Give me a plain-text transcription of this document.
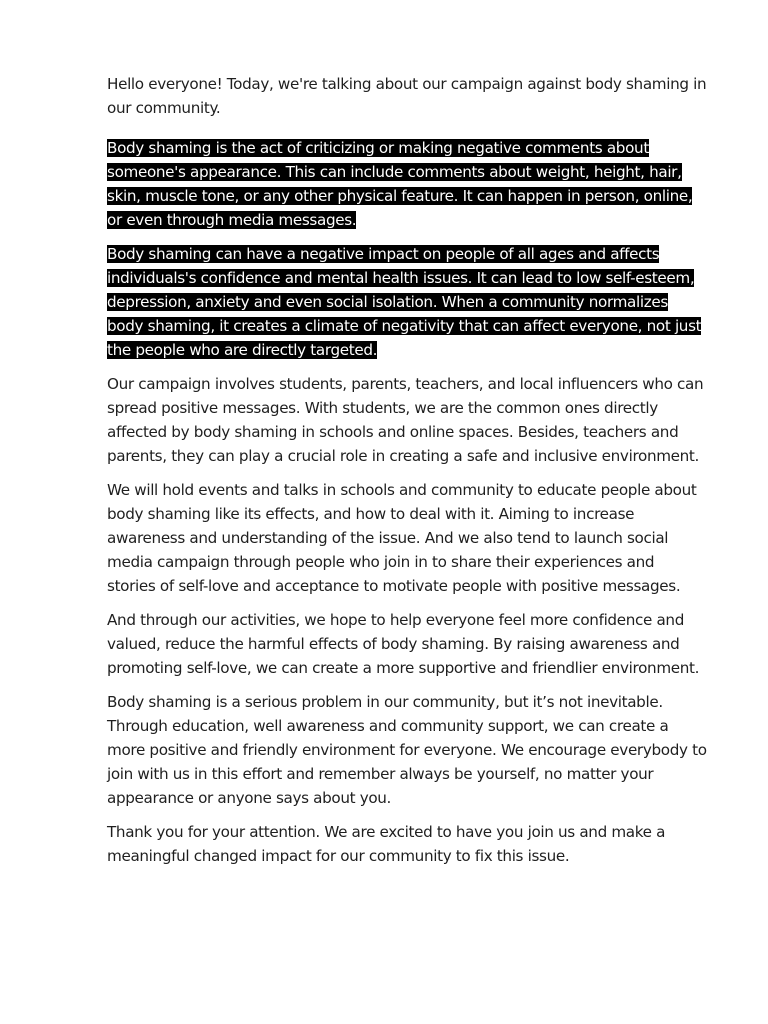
Hello everyone! Today, we're talking about our campaign against body shaming in our community.

Body shaming is the act of criticizing or making negative comments about someone's appearance. This can include comments about weight, height, hair, skin, muscle tone, or any other physical feature. It can happen in person, online, or even through media messages.

Body shaming can have a negative impact on people of all ages and affects individuals's confidence and mental health issues. It can lead to low self-esteem, depression, anxiety and even social isolation. When a community normalizes body shaming, it creates a climate of negativity that can affect everyone, not just the people who are directly targeted.

Our campaign involves students, parents, teachers, and local influencers who can spread positive messages. With students, we are the common ones directly affected by body shaming in schools and online spaces. Besides, teachers and parents, they can play a crucial role in creating a safe and inclusive environment.

We will hold events and talks in schools and community to educate people about body shaming like its effects, and how to deal with it. Aiming to increase awareness and understanding of the issue. And we also tend to launch social media campaign through people who join in to share their experiences and stories of self-love and acceptance to motivate people with positive messages.

And through our activities, we hope to help everyone feel more confidence and valued, reduce the harmful effects of body shaming. By raising awareness and promoting self-love, we can create a more supportive and friendlier environment.

Body shaming is a serious problem in our community, but it’s not inevitable. Through education, well awareness and community support, we can create a more positive and friendly environment for everyone. We encourage everybody to join with us in this effort and remember always be yourself, no matter your appearance or anyone says about you.

Thank you for your attention. We are excited to have you join us and make a meaningful changed impact for our community to fix this issue.
